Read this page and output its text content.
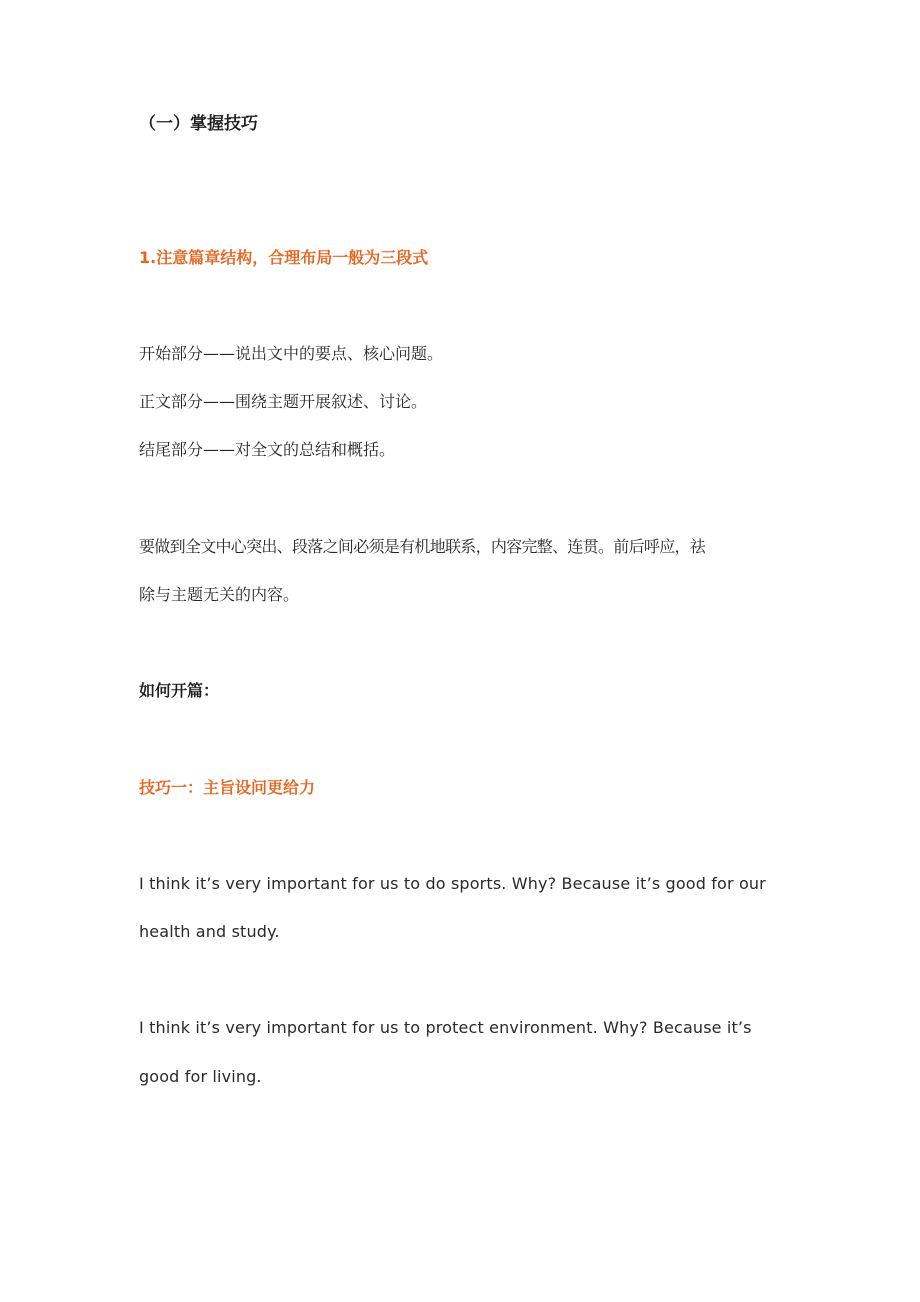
（一）掌握技巧
1.注意篇章结构，合理布局一般为三段式
开始部分——说出文中的要点、核心问题。
正文部分——围绕主题开展叙述、讨论。
结尾部分——对全文的总结和概括。
要做到全文中心突出、段落之间必须是有机地联系，内容完整、连贯。前后呼应，祛
除与主题无关的内容。
如何开篇：
技巧一：主旨设问更给力
I think it’s very important for us to do sports. Why? Because it’s good for our
health and study.
I think it’s very important for us to protect environment. Why? Because it’s
good for living.
